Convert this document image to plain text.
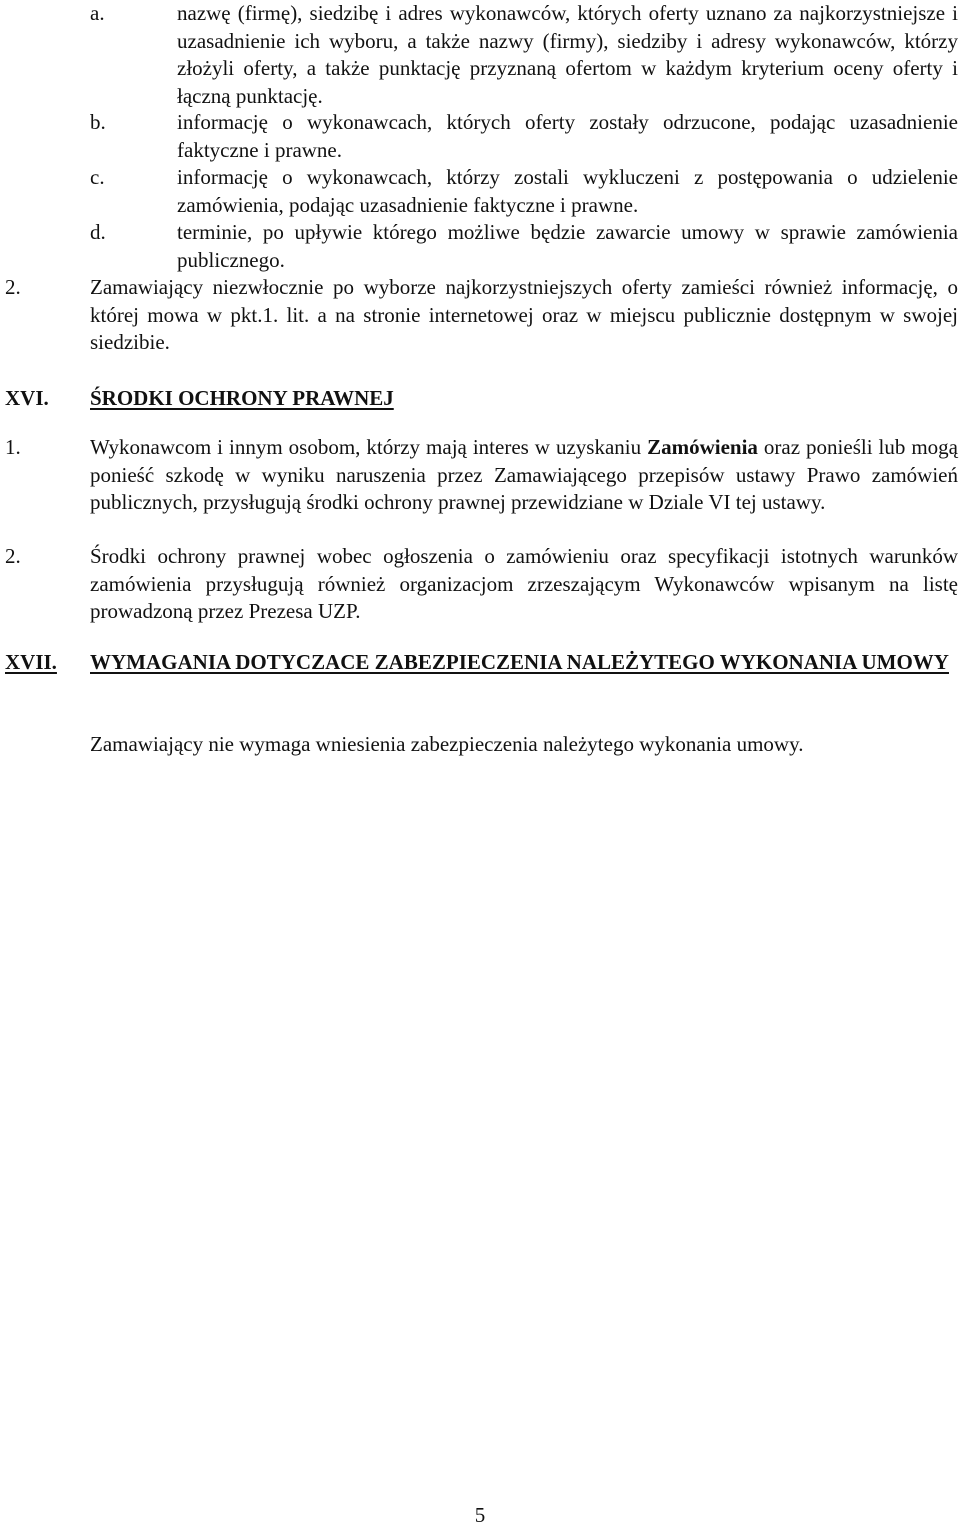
a.	nazwę (firmę), siedzibę i adres wykonawców, których oferty uznano za najkorzystniejsze i uzasadnienie ich wyboru, a także nazwy (firmy), siedziby i adresy wykonawców, którzy złożyli oferty, a także punktację przyznaną ofertom w każdym kryterium oceny oferty i łączną punktację.
b.	informację o wykonawcach, których oferty zostały odrzucone, podając uzasadnienie faktyczne i prawne.
c.	informację o wykonawcach, którzy zostali wykluczeni z postępowania o udzielenie zamówienia, podając uzasadnienie faktyczne i prawne.
d.	terminie, po upływie którego możliwe będzie zawarcie umowy w sprawie zamówienia publicznego.
2.	Zamawiający niezwłocznie po wyborze najkorzystniejszych oferty zamieści również informację, o której mowa w pkt.1. lit. a na stronie internetowej oraz w miejscu publicznie dostępnym w swojej siedzibie.
XVI. ŚRODKI OCHRONY PRAWNEJ
1.	Wykonawcom i innym osobom, którzy mają interes w uzyskaniu Zamówienia oraz ponieśli lub mogą ponieść szkodę w wyniku naruszenia przez Zamawiającego przepisów ustawy Prawo zamówień publicznych, przysługują środki ochrony prawnej przewidziane w Dziale VI tej ustawy.
2.	Środki ochrony prawnej wobec ogłoszenia o zamówieniu oraz specyfikacji istotnych warunków zamówienia przysługują również organizacjom zrzeszającym Wykonawców wpisanym na listę prowadzoną przez Prezesa UZP.
XVII. WYMAGANIA DOTYCZACE ZABEZPIECZENIA NALEŻYTEGO WYKONANIA UMOWY
Zamawiający nie wymaga wniesienia zabezpieczenia należytego wykonania umowy.
5
